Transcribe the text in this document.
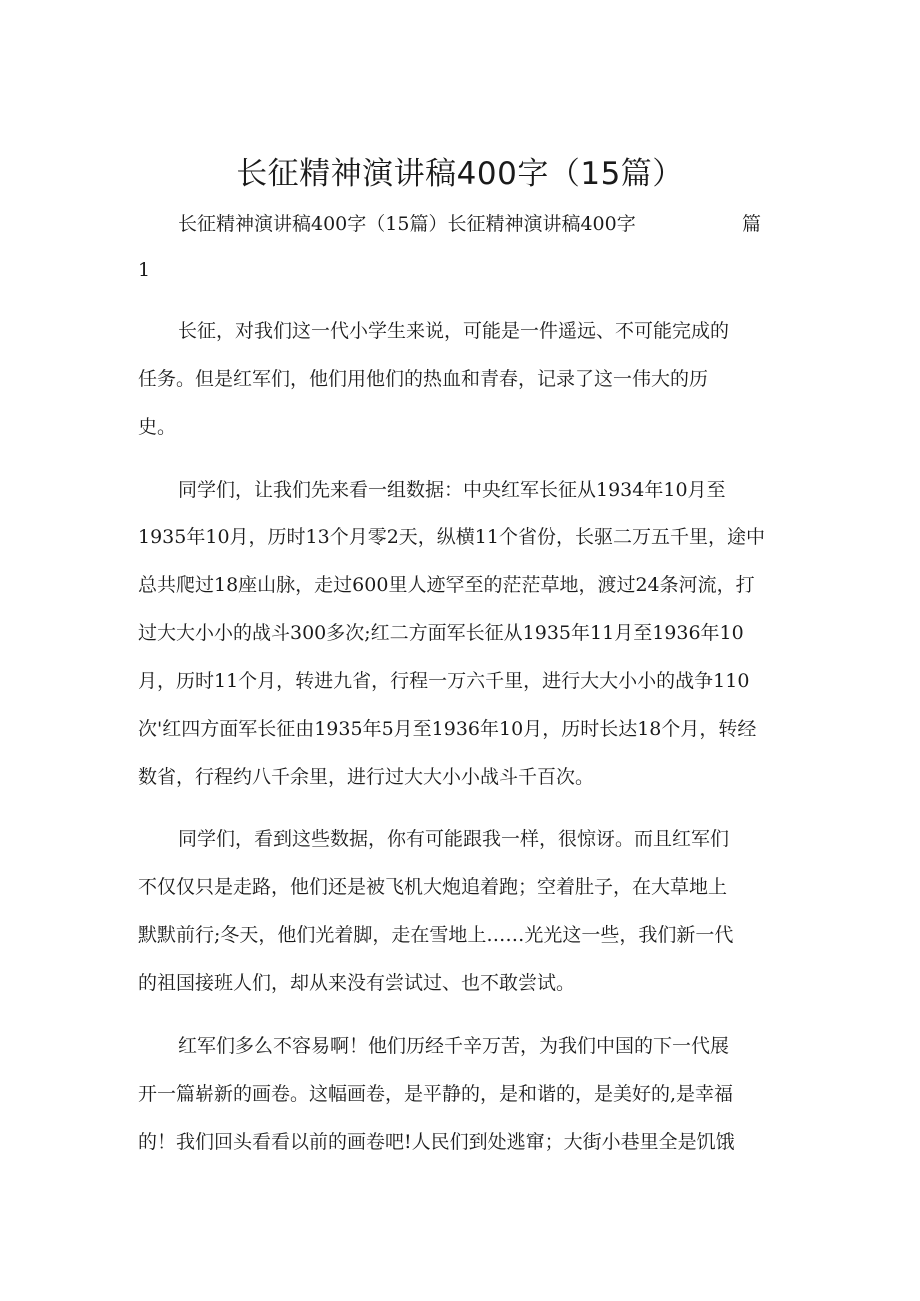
长征精神演讲稿400字（15篇）
长征精神演讲稿400字（15篇）长征精神演讲稿400字	篇
1
长征，对我们这一代小学生来说，可能是一件遥远、不可能完成的
任务。但是红军们，他们用他们的热血和青春，记录了这一伟大的历
史。
同学们，让我们先来看一组数据：中央红军长征从1934年10月至
1935年10月，历时13个月零2天，纵横11个省份，长驱二万五千里，途中
总共爬过18座山脉，走过600里人迹罕至的茫茫草地，渡过24条河流，打
过大大小小的战斗300多次;红二方面军长征从1935年11月至1936年10
月，历时11个月，转进九省，行程一万六千里，进行大大小小的战争110
次'红四方面军长征由1935年5月至1936年10月，历时长达18个月，转经
数省，行程约八千余里，进行过大大小小战斗千百次。
同学们，看到这些数据，你有可能跟我一样，很惊讶。而且红军们
不仅仅只是走路，他们还是被飞机大炮追着跑；空着肚子，在大草地上
默默前行;冬天，他们光着脚，走在雪地上……光光这一些，我们新一代
的祖国接班人们，却从来没有尝试过、也不敢尝试。
红军们多么不容易啊！他们历经千辛万苦，为我们中国的下一代展
开一篇崭新的画卷。这幅画卷，是平静的，是和谐的，是美好的,是幸福
的！我们回头看看以前的画卷吧!人民们到处逃窜；大街小巷里全是饥饿
